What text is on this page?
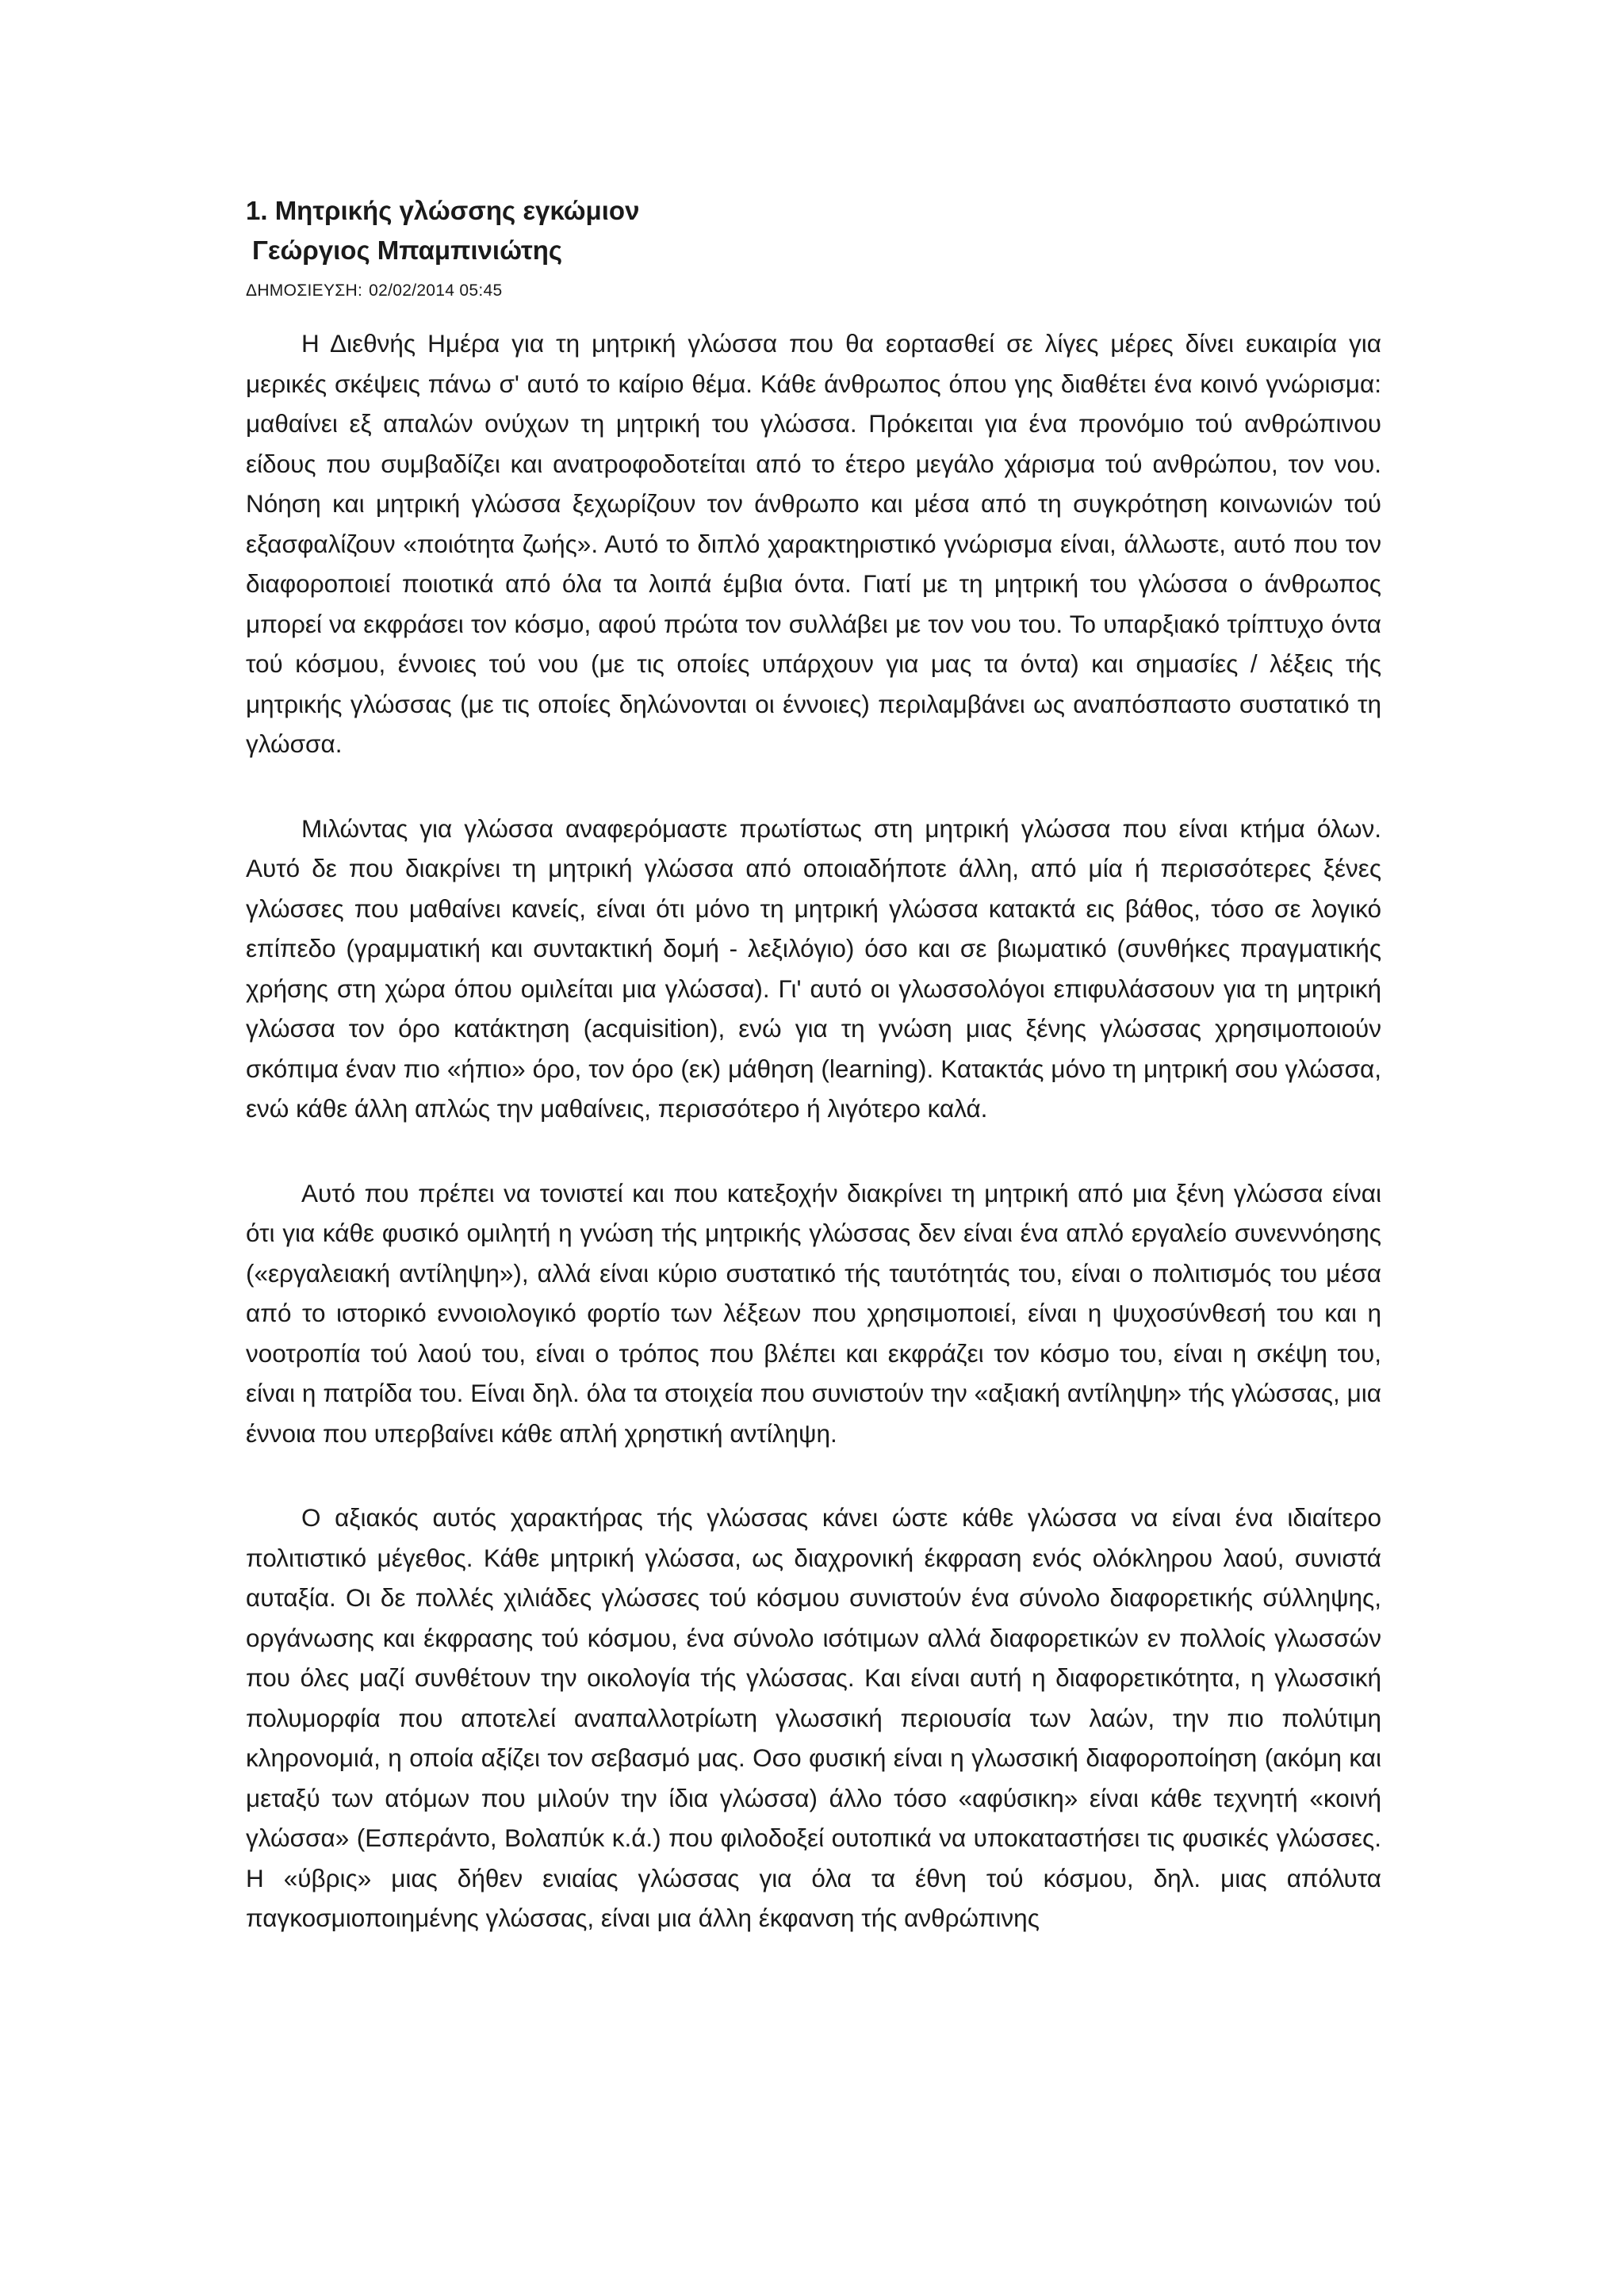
1. Μητρικής γλώσσης εγκώμιον
Γεώργιος Μπαμπινιώτης
ΔΗΜΟΣΙΕΥΣΗ: 02/02/2014 05:45

Η Διεθνής Ημέρα για τη μητρική γλώσσα που θα εορτασθεί σε λίγες μέρες δίνει ευκαιρία για μερικές σκέψεις πάνω σ' αυτό το καίριο θέμα. Κάθε άνθρωπος όπου γης διαθέτει ένα κοινό γνώρισμα: μαθαίνει εξ απαλών ονύχων τη μητρική του γλώσσα. Πρόκειται για ένα προνόμιο τού ανθρώπινου είδους που συμβαδίζει και ανατροφοδοτείται από το έτερο μεγάλο χάρισμα τού ανθρώπου, τον νου. Νόηση και μητρική γλώσσα ξεχωρίζουν τον άνθρωπο και μέσα από τη συγκρότηση κοινωνιών τού εξασφαλίζουν «ποιότητα ζωής». Αυτό το διπλό χαρακτηριστικό γνώρισμα είναι, άλλωστε, αυτό που τον διαφοροποιεί ποιοτικά από όλα τα λοιπά έμβια όντα. Γιατί με τη μητρική του γλώσσα ο άνθρωπος μπορεί να εκφράσει τον κόσμο, αφού πρώτα τον συλλάβει με τον νου του. Το υπαρξιακό τρίπτυχο όντα τού κόσμου, έννοιες τού νου (με τις οποίες υπάρχουν για μας τα όντα) και σημασίες / λέξεις τής μητρικής γλώσσας (με τις οποίες δηλώνονται οι έννοιες) περιλαμβάνει ως αναπόσπαστο συστατικό τη γλώσσα.

Μιλώντας για γλώσσα αναφερόμαστε πρωτίστως στη μητρική γλώσσα που είναι κτήμα όλων. Αυτό δε που διακρίνει τη μητρική γλώσσα από οποιαδήποτε άλλη, από μία ή περισσότερες ξένες γλώσσες που μαθαίνει κανείς, είναι ότι μόνο τη μητρική γλώσσα κατακτά εις βάθος, τόσο σε λογικό επίπεδο (γραμματική και συντακτική δομή - λεξιλόγιο) όσο και σε βιωματικό (συνθήκες πραγματικής χρήσης στη χώρα όπου ομιλείται μια γλώσσα). Γι' αυτό οι γλωσσολόγοι επιφυλάσσουν για τη μητρική γλώσσα τον όρο κατάκτηση (acquisition), ενώ για τη γνώση μιας ξένης γλώσσας χρησιμοποιούν σκόπιμα έναν πιο «ήπιο» όρο, τον όρο (εκ) μάθηση (learning). Κατακτάς μόνο τη μητρική σου γλώσσα, ενώ κάθε άλλη απλώς την μαθαίνεις, περισσότερο ή λιγότερο καλά.

Αυτό που πρέπει να τονιστεί και που κατεξοχήν διακρίνει τη μητρική από μια ξένη γλώσσα είναι ότι για κάθε φυσικό ομιλητή η γνώση τής μητρικής γλώσσας δεν είναι ένα απλό εργαλείο συνεννόησης («εργαλειακή αντίληψη»), αλλά είναι κύριο συστατικό τής ταυτότητάς του, είναι ο πολιτισμός του μέσα από το ιστορικό εννοιολογικό φορτίο των λέξεων που χρησιμοποιεί, είναι η ψυχοσύνθεσή του και η νοοτροπία τού λαού του, είναι ο τρόπος που βλέπει και εκφράζει τον κόσμο του, είναι η σκέψη του, είναι η πατρίδα του. Είναι δηλ. όλα τα στοιχεία που συνιστούν την «αξιακή αντίληψη» τής γλώσσας, μια έννοια που υπερβαίνει κάθε απλή χρηστική αντίληψη.

Ο αξιακός αυτός χαρακτήρας τής γλώσσας κάνει ώστε κάθε γλώσσα να είναι ένα ιδιαίτερο πολιτιστικό μέγεθος. Κάθε μητρική γλώσσα, ως διαχρονική έκφραση ενός ολόκληρου λαού, συνιστά αυταξία. Οι δε πολλές χιλιάδες γλώσσες τού κόσμου συνιστούν ένα σύνολο διαφορετικής σύλληψης, οργάνωσης και έκφρασης τού κόσμου, ένα σύνολο ισότιμων αλλά διαφορετικών εν πολλοίς γλωσσών που όλες μαζί συνθέτουν την οικολογία τής γλώσσας. Και είναι αυτή η διαφορετικότητα, η γλωσσική πολυμορφία που αποτελεί αναπαλλοτρίωτη γλωσσική περιουσία των λαών, την πιο πολύτιμη κληρονομιά, η οποία αξίζει τον σεβασμό μας. Οσο φυσική είναι η γλωσσική διαφοροποίηση (ακόμη και μεταξύ των ατόμων που μιλούν την ίδια γλώσσα) άλλο τόσο «αφύσικη» είναι κάθε τεχνητή «κοινή γλώσσα» (Εσπεράντο, Βολαπύκ κ.ά.) που φιλοδοξεί ουτοπικά να υποκαταστήσει τις φυσικές γλώσσες. Η «ύβρις» μιας δήθεν ενιαίας γλώσσας για όλα τα έθνη τού κόσμου, δηλ. μιας απόλυτα παγκοσμιοποιημένης γλώσσας, είναι μια άλλη έκφανση τής ανθρώπινης
